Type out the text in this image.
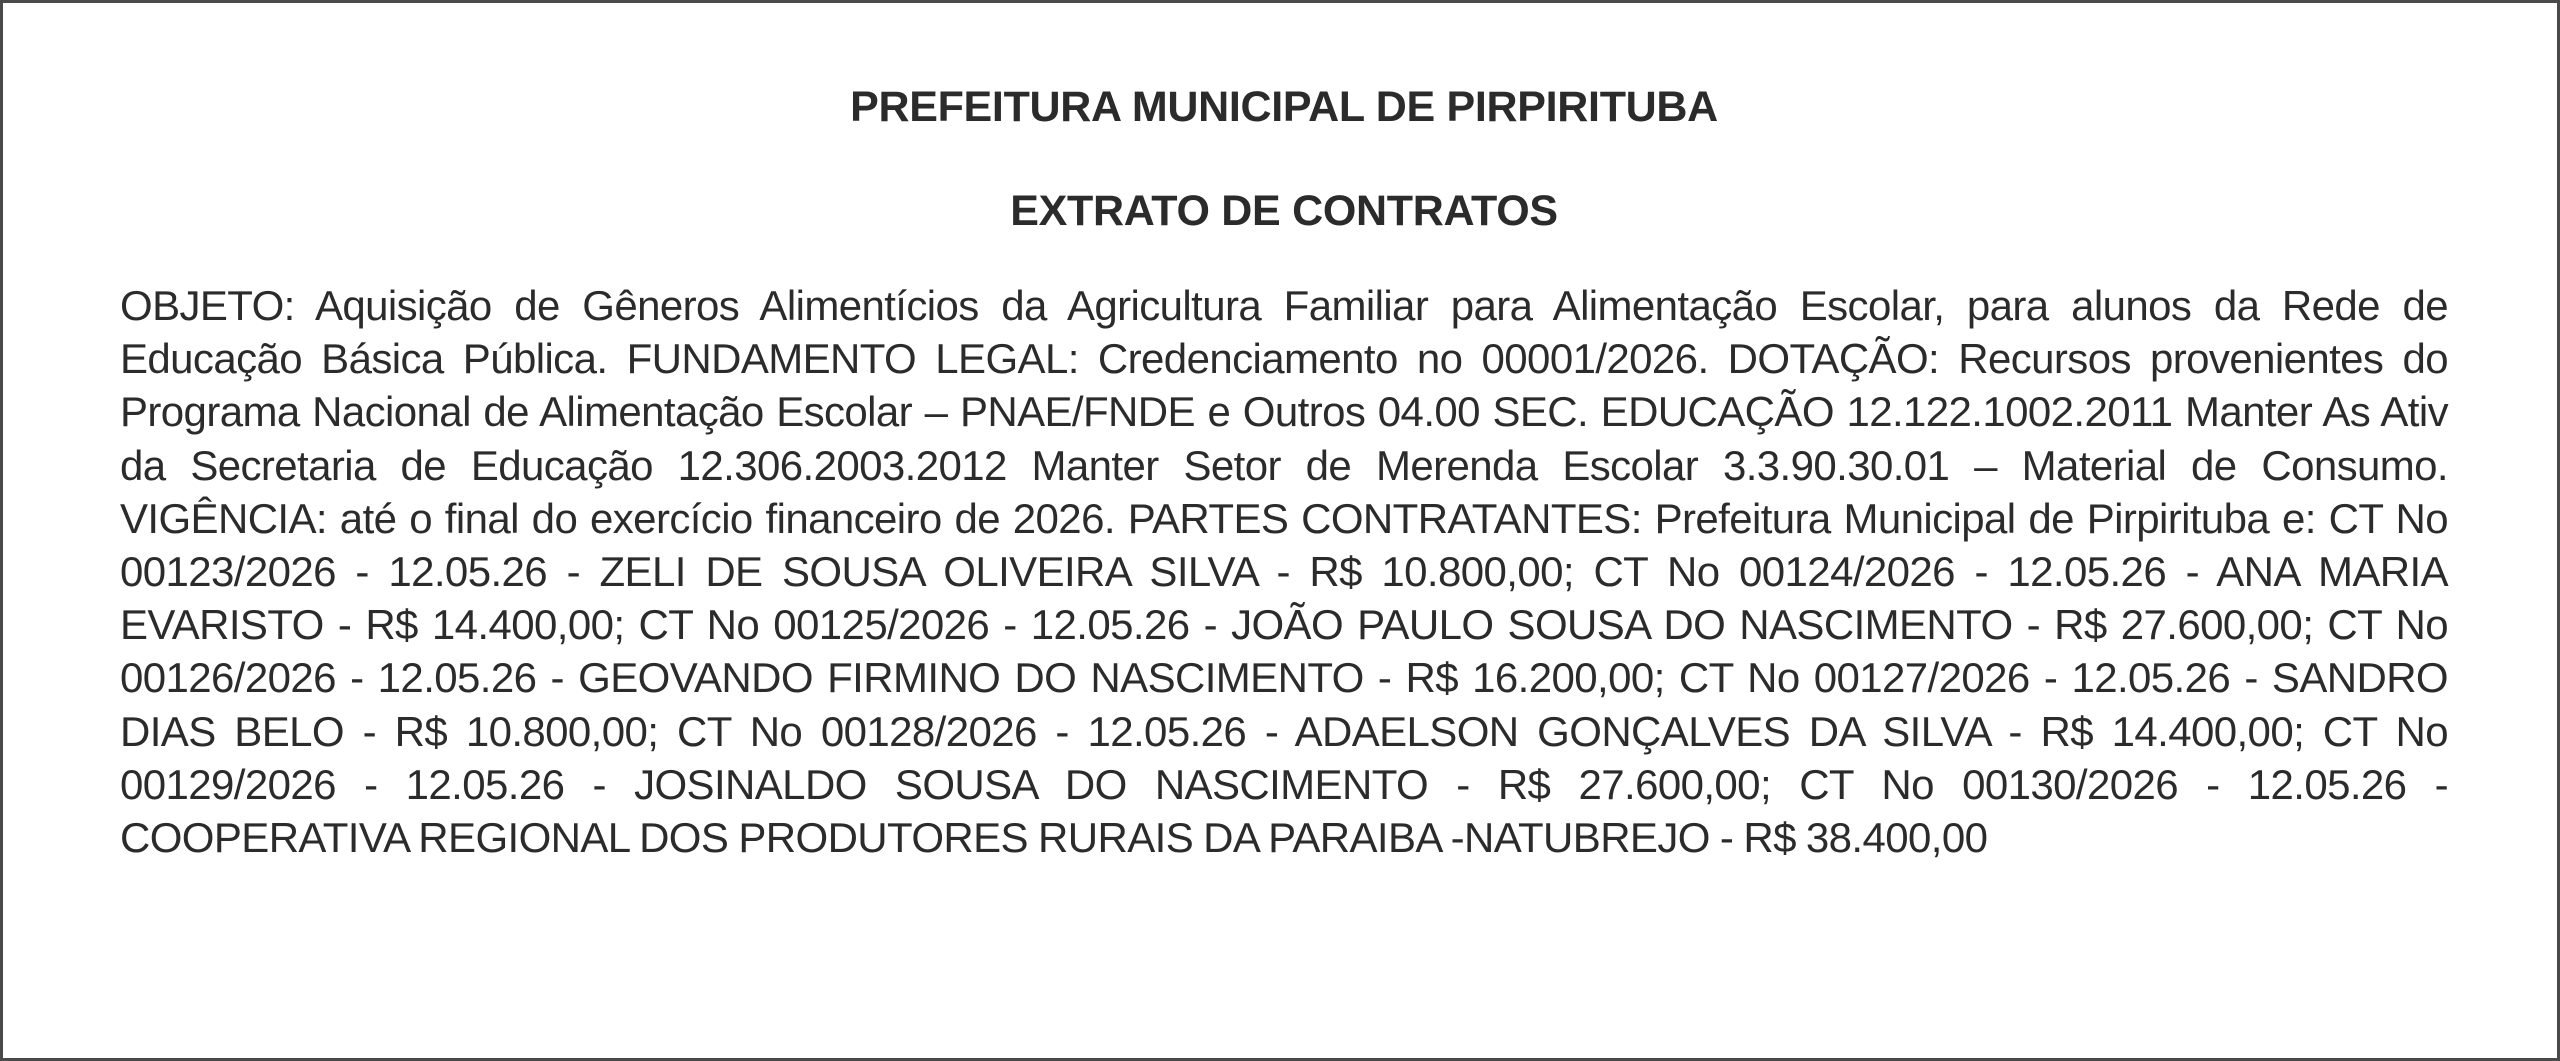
PREFEITURA MUNICIPAL DE PIRPIRITUBA
EXTRATO DE CONTRATOS

OBJETO: Aquisição de Gêneros Alimentícios da Agricultura Familiar para Alimentação Escolar, para alunos da Rede de Educação Básica Pública. FUNDAMENTO LEGAL: Credenciamento no 00001/2026. DOTAÇÃO: Recursos provenientes do Programa Nacional de Alimentação Escolar – PNAE/FNDE e Outros 04.00 SEC. EDUCAÇÃO 12.122.1002.2011 Manter As Ativ da Secretaria de Educação 12.306.2003.2012 Manter Setor de Merenda Escolar 3.3.90.30.01 – Material de Consumo. VIGÊNCIA: até o final do exercício financeiro de 2026. PARTES CONTRATANTES: Prefeitura Municipal de Pirpirituba e: CT No 00123/2026 - 12.05.26 - ZELI DE SOUSA OLIVEIRA SILVA - R$ 10.800,00; CT No 00124/2026 - 12.05.26 - ANA MARIA EVARISTO - R$ 14.400,00; CT No 00125/2026 - 12.05.26 - JOÃO PAULO SOUSA DO NASCIMENTO - R$ 27.600,00; CT No 00126/2026 - 12.05.26 - GEOVANDO FIRMINO DO NASCIMENTO - R$ 16.200,00; CT No 00127/2026 - 12.05.26 - SANDRO DIAS BELO - R$ 10.800,00; CT No 00128/2026 - 12.05.26 - ADAELSON GONÇALVES DA SILVA - R$ 14.400,00; CT No 00129/2026 - 12.05.26 - JOSINALDO SOUSA DO NASCIMENTO - R$ 27.600,00; CT No 00130/2026 - 12.05.26 - COOPERATIVA REGIONAL DOS PRODUTORES RURAIS DA PARAIBA -NATUBREJO - R$ 38.400,00
